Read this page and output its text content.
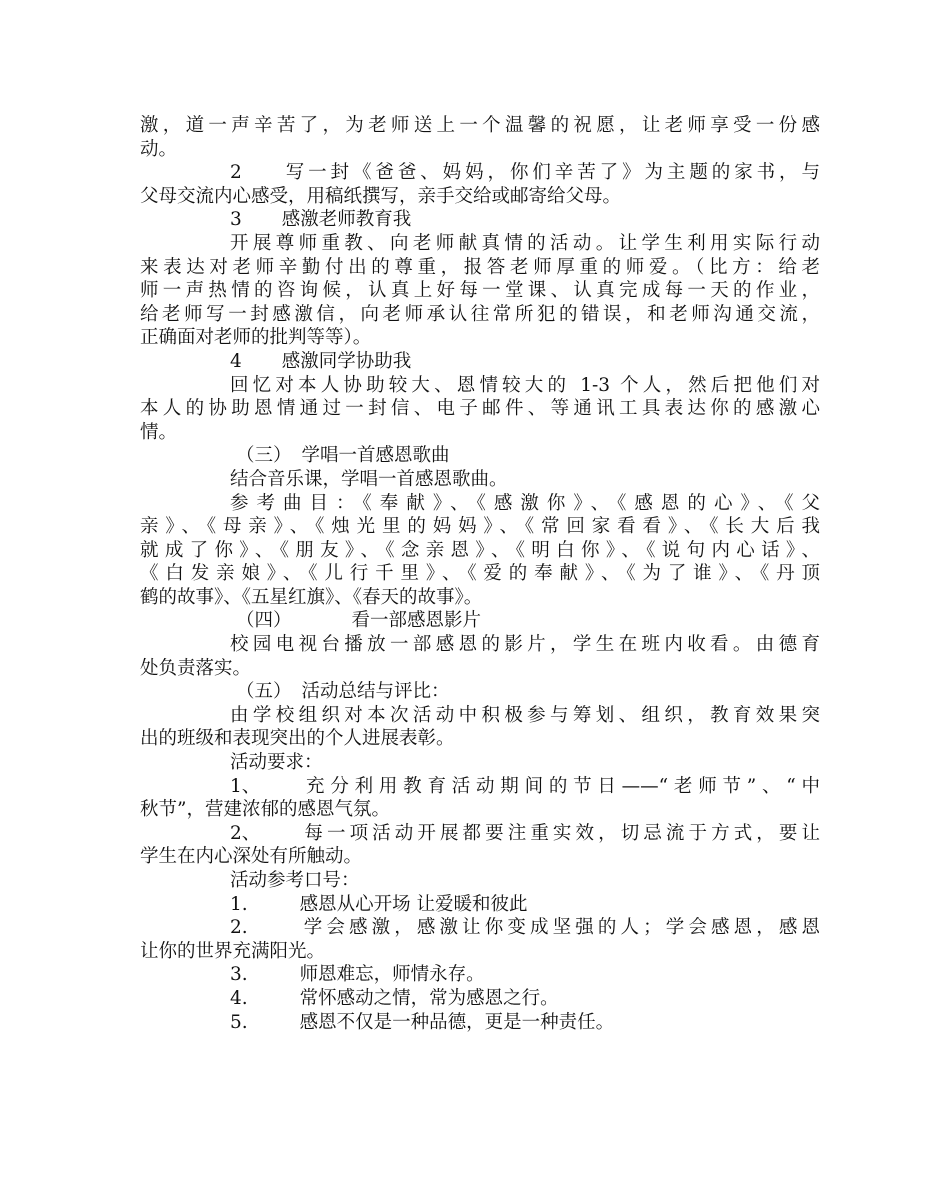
激，道一声辛苦了，为老师送上一个温馨的祝愿，让老师享受一份感
动。
2 写一封《爸爸、妈妈，你们辛苦了》为主题的家书，与
父母交流内心感受，用稿纸撰写，亲手交给或邮寄给父母。
3 感激老师教育我
开展尊师重教、向老师献真情的活动。让学生利用实际行动
来表达对老师辛勤付出的尊重，报答老师厚重的师爱。（比方：给老
师一声热情的咨询候，认真上好每一堂课、认真完成每一天的作业，
给老师写一封感激信，向老师承认往常所犯的错误，和老师沟通交流，
正确面对老师的批判等等）。
4 感激同学协助我
回忆对本人协助较大、恩情较大的 1-3 个人，然后把他们对
本人的协助恩情通过一封信、电子邮件、等通讯工具表达你的感激心
情。
（三） 学唱一首感恩歌曲
结合音乐课，学唱一首感恩歌曲。
参考曲目：《奉献》、《感激你》、《感恩的心》、《父
亲》、《母亲》、《烛光里的妈妈》、《常回家看看》、《长大后我
就成了你》、《朋友》、《念亲恩》、《明白你》、《说句内心话》、
《白发亲娘》、《儿行千里》、《爱的奉献》、《为了谁》、《丹顶
鹤的故事》、《五星红旗》、《春天的故事》。
（四）	看一部感恩影片
校园电视台播放一部感恩的影片，学生在班内收看。由德育
处负责落实。
（五） 活动总结与评比：
由学校组织对本次活动中积极参与筹划、组织，教育效果突
出的班级和表现突出的个人进展表彰。
活动要求：
1、 充分利用教育活动期间的节日——“老师节”、“中
秋节”，营建浓郁的感恩气氛。
2、 每一项活动开展都要注重实效，切忌流于方式，要让
学生在内心深处有所触动。
活动参考口号：
1.	感恩从心开场 让爱暖和彼此
2.	学会感激，感激让你变成坚强的人；学会感恩，感恩
让你的世界充满阳光。
3.	师恩难忘，师情永存。
4.	常怀感动之情，常为感恩之行。
5.	感恩不仅是一种品德，更是一种责任。
